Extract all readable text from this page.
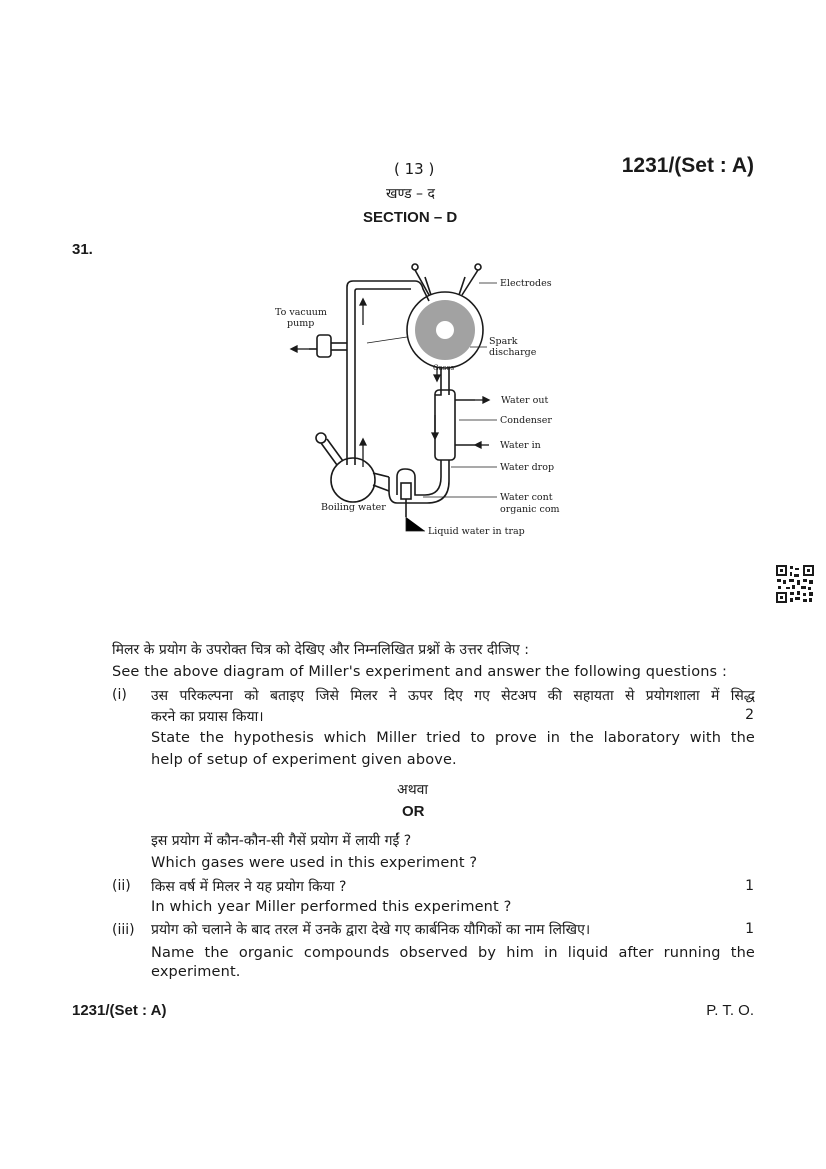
( 13 )	1231/(Set : A)
खण्ड – द
SECTION – D
31.
Electrodes
To vacuum
pump
Spark
discharge
Gases
Water out
Condenser
Water in
Water drop
Water cont
organic com
Boiling water
Liquid water in trap
मिलर के प्रयोग के उपरोक्त चित्र को देखिए और निम्नलिखित प्रश्नों के उत्तर दीजिए :
See the above diagram of Miller's experiment and answer the following questions :
(i) उस परिकल्पना को बताइए जिसे मिलर ने ऊपर दिए गए सेटअप की सहायता से प्रयोगशाला में सिद्ध
करने का प्रयास किया।	2
State the hypothesis which Miller tried to prove in the laboratory with the
help of setup of experiment given above.
अथवा
OR
इस प्रयोग में कौन-कौन-सी गैसें प्रयोग में लायी गईं ?
Which gases were used in this experiment ?
(ii) किस वर्ष में मिलर ने यह प्रयोग किया ?	1
In which year Miller performed this experiment ?
(iii) प्रयोग को चलाने के बाद तरल में उनके द्वारा देखे गए कार्बनिक यौगिकों का नाम लिखिए।	1
Name the organic compounds observed by him in liquid after running the
experiment.
1231/(Set : A)	P. T. O.
